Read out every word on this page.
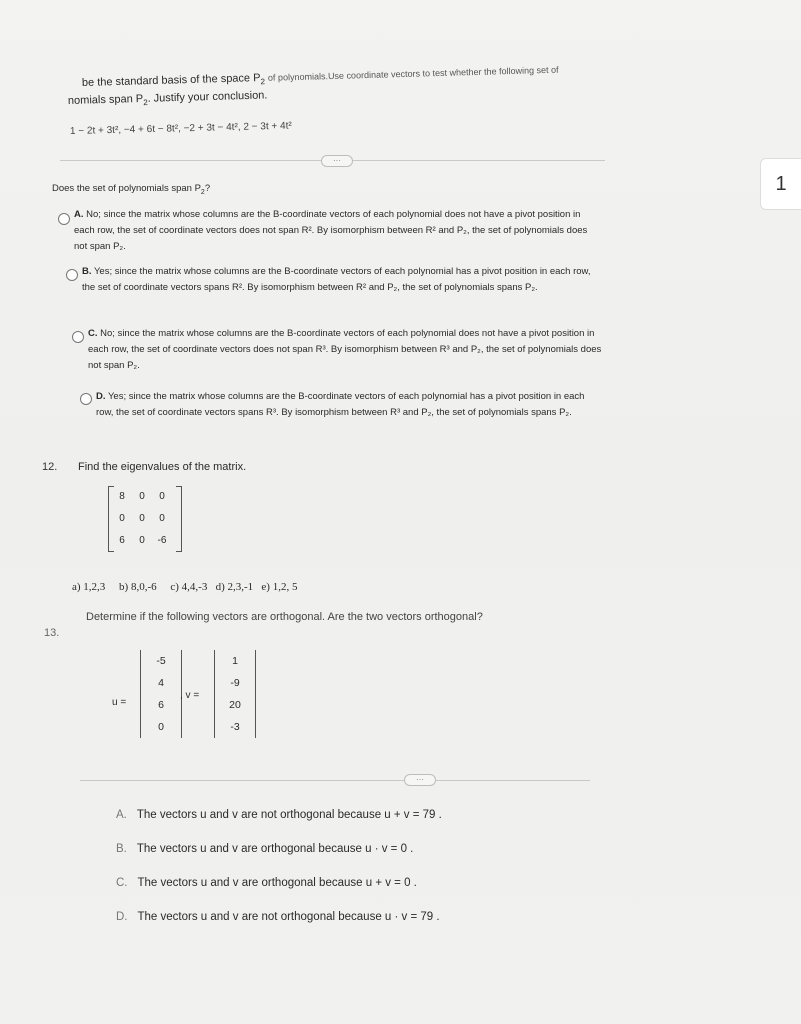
be the standard basis of the space $P_2$ of polynomials.Use coordinate vectors to test whether the following set of
nomials span $P_2$. Justify your conclusion.
1 − 2t + 3t², −4 + 6t − 8t², −2 + 3t − 4t², 2 − 3t + 4t²
···
1
Does the set of polynomials span $P_2$?
A. No; since the matrix whose columns are the B-coordinate vectors of each polynomial does not have a pivot position in each row, the set of coordinate vectors does not span R². By isomorphism between R² and P₂, the set of polynomials does not span P₂.
B. Yes; since the matrix whose columns are the B-coordinate vectors of each polynomial has a pivot position in each row, the set of coordinate vectors spans R². By isomorphism between R² and P₂, the set of polynomials spans P₂.
C. No; since the matrix whose columns are the B-coordinate vectors of each polynomial does not have a pivot position in each row, the set of coordinate vectors does not span R³. By isomorphism between R³ and P₂, the set of polynomials does not span P₂.
D. Yes; since the matrix whose columns are the B-coordinate vectors of each polynomial has a pivot position in each row, the set of coordinate vectors spans R³. By isomorphism between R³ and P₂, the set of polynomials spans P₂.
12. Find the eigenvalues of the matrix.
8	0	0
0	0	0
6	0	-6
a) 1,2,3     b) 8,0,-6     c) 4,4,-3   d) 2,3,-1   e) 1,2, 5
13.
Determine if the following vectors are orthogonal. Are the two vectors orthogonal?
u =
-5
4
6
0
, v =
1
-9
20
-3
···
A. The vectors u and v are not orthogonal because u + v = 79 .
B. The vectors u and v are orthogonal because u · v = 0 .
C. The vectors u and v are orthogonal because u + v = 0 .
D. The vectors u and v are not orthogonal because u · v = 79 .
